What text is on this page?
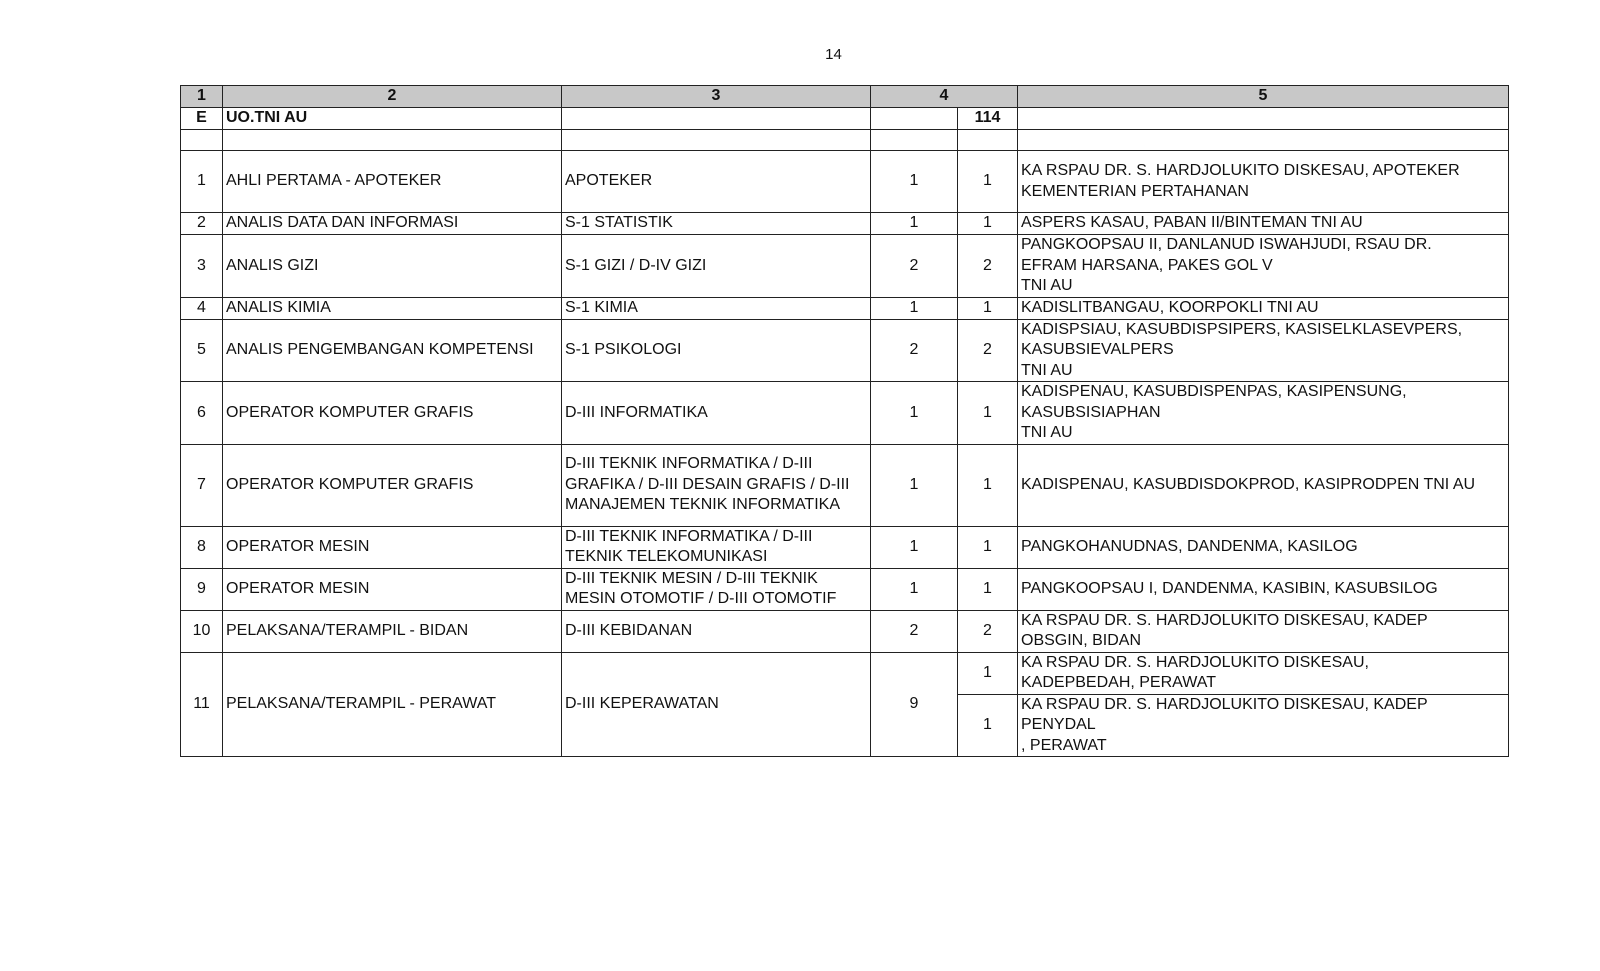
14
1	2	3	4		5
E	UO.TNI AU			114	

1	AHLI PERTAMA - APOTEKER	APOTEKER	1	1	KA RSPAU DR. S. HARDJOLUKITO DISKESAU, APOTEKER
KEMENTERIAN PERTAHANAN

2	ANALIS DATA DAN INFORMASI	S-1 STATISTIK	1	1	ASPERS KASAU, PABAN II/BINTEMAN TNI AU

3	ANALIS GIZI	S-1 GIZI / D-IV GIZI	2	2	PANGKOOPSAU II, DANLANUD ISWAHJUDI, RSAU DR.
EFRAM HARSANA, PAKES GOL V
TNI AU

4	ANALIS KIMIA	S-1 KIMIA	1	1	KADISLITBANGAU, KOORPOKLI TNI AU

5	ANALIS PENGEMBANGAN KOMPETENSI	S-1 PSIKOLOGI	2	2	KADISPSIAU, KASUBDISPSIPERS, KASISELKLASEVPERS,
KASUBSIEVALPERS
TNI AU

6	OPERATOR KOMPUTER GRAFIS	D-III INFORMATIKA	1	1	KADISPENAU, KASUBDISPENPAS, KASIPENSUNG,
KASUBSISIAPHAN
TNI AU

7	OPERATOR KOMPUTER GRAFIS	D-III TEKNIK INFORMATIKA / D-III
GRAFIKA / D-III DESAIN GRAFIS / D-III
MANAJEMEN TEKNIK INFORMATIKA	1	1	KADISPENAU, KASUBDISDOKPROD, KASIPRODPEN TNI AU

8	OPERATOR MESIN	D-III TEKNIK INFORMATIKA / D-III
TEKNIK TELEKOMUNIKASI	1	1	PANGKOHANUDNAS, DANDENMA, KASILOG

9	OPERATOR MESIN	D-III TEKNIK MESIN / D-III TEKNIK
MESIN OTOMOTIF / D-III OTOMOTIF	1	1	PANGKOOPSAU I, DANDENMA, KASIBIN, KASUBSILOG

10	PELAKSANA/TERAMPIL - BIDAN	D-III KEBIDANAN	2	2	KA RSPAU DR. S. HARDJOLUKITO DISKESAU, KADEP
OBSGIN, BIDAN

11	PELAKSANA/TERAMPIL - PERAWAT	D-III KEPERAWATAN	9	1	KA RSPAU DR. S. HARDJOLUKITO DISKESAU,
KADEPBEDAH, PERAWAT

				1	KA RSPAU DR. S. HARDJOLUKITO DISKESAU, KADEP
PENYDAL
, PERAWAT
